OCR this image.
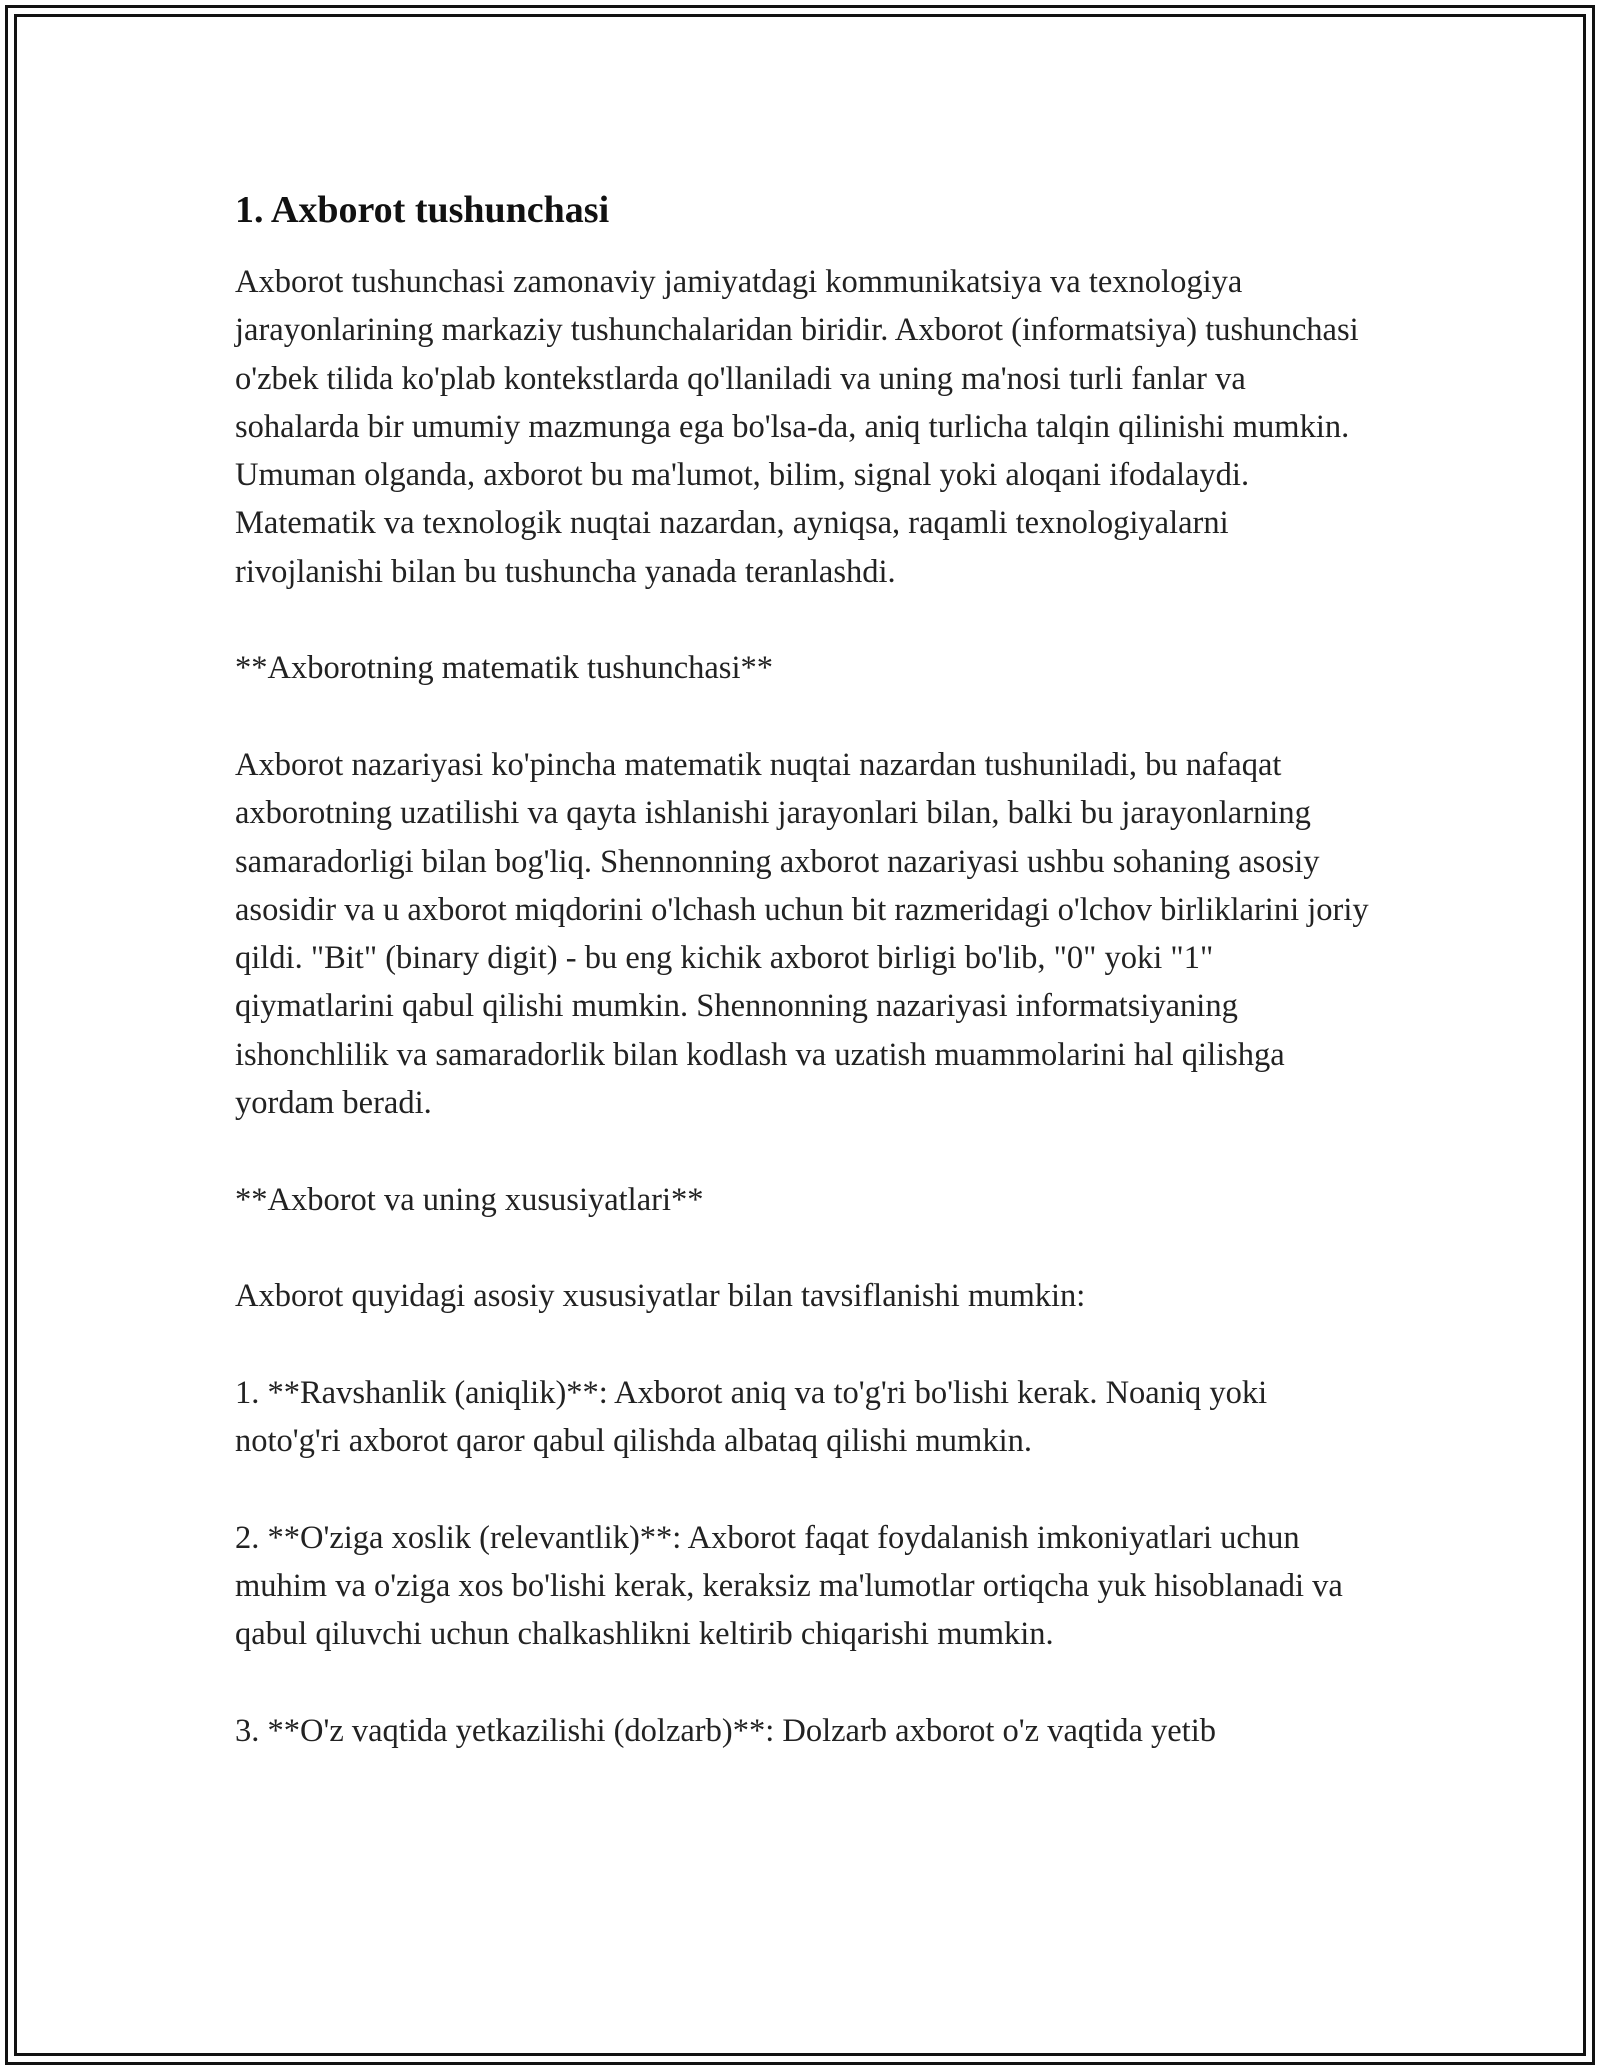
1. Axborot tushunchasi

Axborot tushunchasi zamonaviy jamiyatdagi kommunikatsiya va texnologiya jarayonlarining markaziy tushunchalaridan biridir. Axborot (informatsiya) tushunchasi o'zbek tilida ko'plab kontekstlarda qo'llaniladi va uning ma'nosi turli fanlar va sohalarda bir umumiy mazmunga ega bo'lsa-da, aniq turlicha talqin qilinishi mumkin. Umuman olganda, axborot bu ma'lumot, bilim, signal yoki aloqani ifodalaydi. Matematik va texnologik nuqtai nazardan, ayniqsa, raqamli texnologiyalarni rivojlanishi bilan bu tushuncha yanada teranlashdi.

**Axborotning matematik tushunchasi**

Axborot nazariyasi ko'pincha matematik nuqtai nazardan tushuniladi, bu nafaqat axborotning uzatilishi va qayta ishlanishi jarayonlari bilan, balki bu jarayonlarning samaradorligi bilan bog'liq. Shennonning axborot nazariyasi ushbu sohaning asosiy asosidir va u axborot miqdorini o'lchash uchun bit razmeridagi o'lchov birliklarini joriy qildi. "Bit" (binary digit) - bu eng kichik axborot birligi bo'lib, "0" yoki "1" qiymatlarini qabul qilishi mumkin. Shennonning nazariyasi informatsiyaning ishonchlilik va samaradorlik bilan kodlash va uzatish muammolarini hal qilishga yordam beradi.

**Axborot va uning xususiyatlari**

Axborot quyidagi asosiy xususiyatlar bilan tavsiflanishi mumkin:

1. **Ravshanlik (aniqlik)**: Axborot aniq va to'g'ri bo'lishi kerak. Noaniq yoki noto'g'ri axborot qaror qabul qilishda albataq qilishi mumkin.

2. **O'ziga xoslik (relevantlik)**: Axborot faqat foydalanish imkoniyatlari uchun muhim va o'ziga xos bo'lishi kerak, keraksiz ma'lumotlar ortiqcha yuk hisoblanadi va qabul qiluvchi uchun chalkashlikni keltirib chiqarishi mumkin.

3. **O'z vaqtida yetkazilishi (dolzarb)**: Dolzarb axborot o'z vaqtida yetib
